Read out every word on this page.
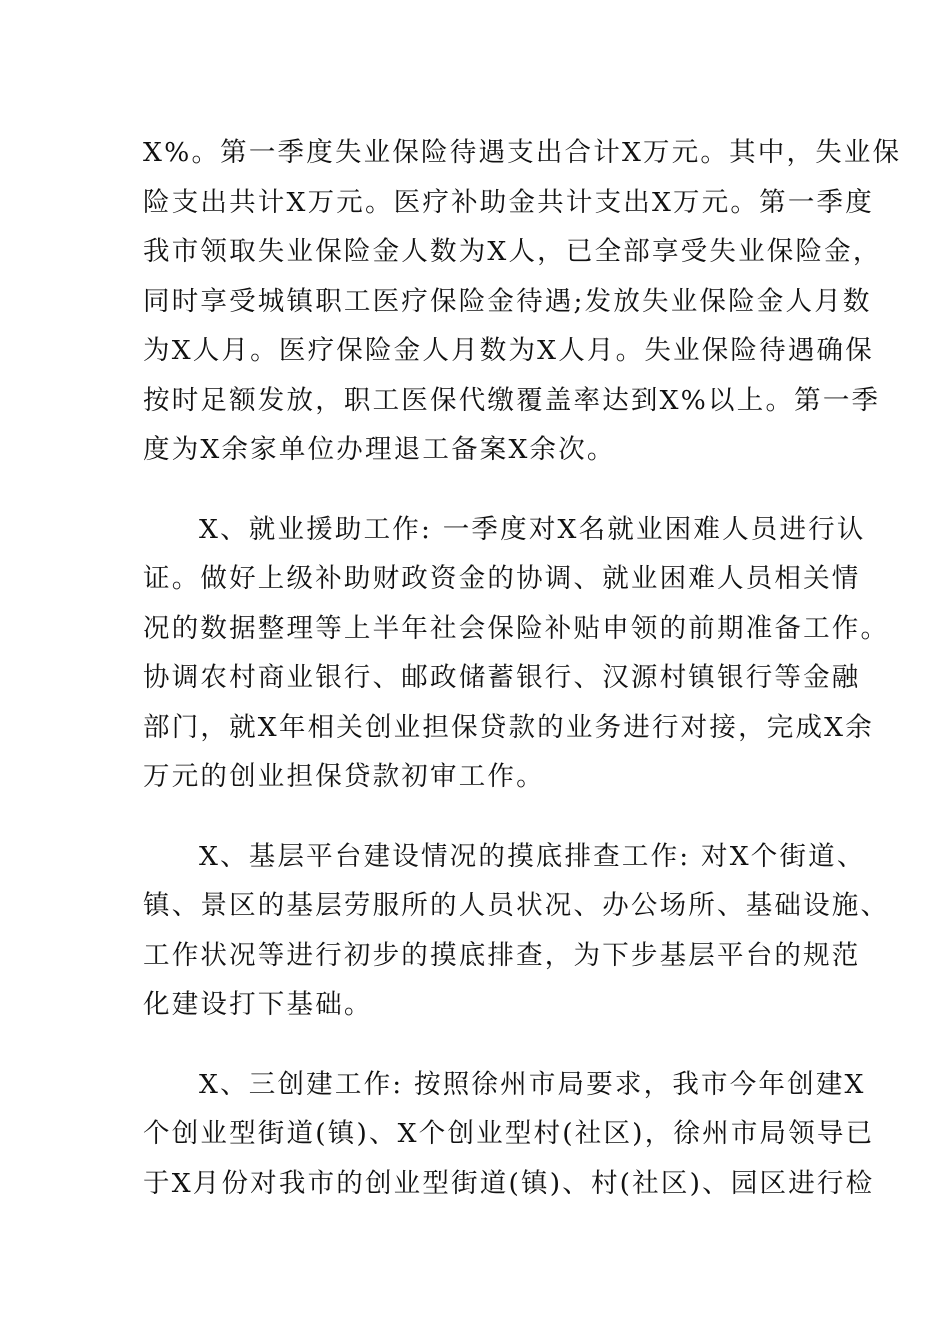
X%。第一季度失业保险待遇支出合计X万元。其中，失业保
险支出共计X万元。医疗补助金共计支出X万元。第一季度
我市领取失业保险金人数为X人，已全部享受失业保险金，
同时享受城镇职工医疗保险金待遇;发放失业保险金人月数
为X人月。医疗保险金人月数为X人月。失业保险待遇确保
按时足额发放，职工医保代缴覆盖率达到X%以上。第一季
度为X余家单位办理退工备案X余次。
X、就业援助工作: 一季度对X名就业困难人员进行认
证。做好上级补助财政资金的协调、就业困难人员相关情
况的数据整理等上半年社会保险补贴申领的前期准备工作。
协调农村商业银行、邮政储蓄银行、汉源村镇银行等金融
部门，就X年相关创业担保贷款的业务进行对接，完成X余
万元的创业担保贷款初审工作。
X、基层平台建设情况的摸底排查工作: 对X个街道、
镇、景区的基层劳服所的人员状况、办公场所、基础设施、
工作状况等进行初步的摸底排查，为下步基层平台的规范
化建设打下基础。
X、三创建工作: 按照徐州市局要求，我市今年创建X
个创业型街道(镇)、X个创业型村(社区)，徐州市局领导已
于X月份对我市的创业型街道(镇)、村(社区)、园区进行检
